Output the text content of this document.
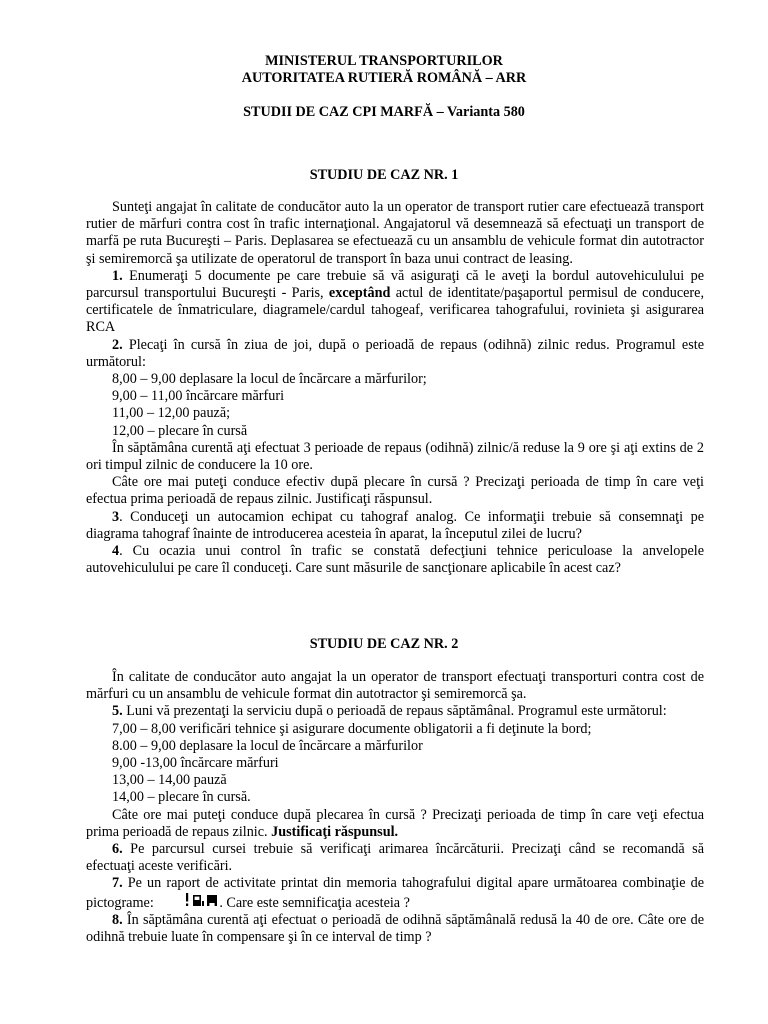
MINISTERUL TRANSPORTURILOR
AUTORITATEA RUTIERĂ ROMÂNĂ – ARR
STUDII DE CAZ CPI MARFĂ – Varianta 580
STUDIU DE CAZ NR. 1

Sunteţi angajat în calitate de conducător auto la un operator de transport rutier care efectuează transport rutier de mărfuri contra cost în trafic internaţional. Angajatorul vă desemnează să efectuaţi un transport de marfă pe ruta Bucureşti – Paris. Deplasarea se efectuează cu un ansamblu de vehicule format din autotractor şi semiremorcă şa utilizate de operatorul de transport în baza unui contract de leasing.

1. Enumeraţi 5 documente pe care trebuie să vă asiguraţi că le aveţi la bordul autovehiculului pe parcursul transportului Bucureşti - Paris, exceptând actul de identitate/paşaportul permisul de conducere, certificatele de înmatriculare, diagramele/cardul tahogeaf, verificarea tahografului, rovinieta şi asigurarea RCA

2. Plecaţi în cursă în ziua de joi, după o perioadă de repaus (odihnă) zilnic redus. Programul este următorul:

8,00 – 9,00 deplasare la locul de încărcare a mărfurilor;

9,00 – 11,00 încărcare mărfuri

11,00 – 12,00 pauză;

12,00 – plecare în cursă

În săptămâna curentă aţi efectuat 3 perioade de repaus (odihnă) zilnic/ă reduse la 9 ore şi aţi extins de 2 ori timpul zilnic de conducere la 10 ore.

Câte ore mai puteţi conduce efectiv după plecare în cursă ? Precizaţi perioada de timp în care veţi efectua prima perioadă de repaus zilnic. Justificaţi răspunsul.

3. Conduceţi un autocamion echipat cu tahograf analog. Ce informaţii trebuie să consemnaţi pe diagrama tahograf înainte de introducerea acesteia în aparat, la începutul zilei de lucru?

4. Cu ocazia unui control în trafic se constată defecţiuni tehnice periculoase la anvelopele autovehiculului pe care îl conduceţi. Care sunt măsurile de sancţionare aplicabile în acest caz?

STUDIU DE CAZ NR. 2

În calitate de conducător auto angajat la un operator de transport efectuaţi transporturi contra cost de mărfuri cu un ansamblu de vehicule format din autotractor şi semiremorcă şa.

5. Luni vă prezentaţi la serviciu după o perioadă de repaus săptămânal. Programul este următorul:

7,00 – 8,00 verificări tehnice şi asigurare documente obligatorii a fi deţinute la bord;

8.00 – 9,00 deplasare la locul de încărcare a mărfurilor

9,00 -13,00 încărcare mărfuri

13,00 – 14,00 pauză

14,00 – plecare în cursă.

Câte ore mai puteţi conduce după plecarea în cursă ? Precizaţi perioada de timp în care veţi efectua prima perioadă de repaus zilnic. Justificaţi răspunsul.

6. Pe parcursul cursei trebuie să verificaţi arimarea încărcăturii. Precizaţi când se recomandă să efectuaţi aceste verificări.

7. Pe un raport de activitate printat din memoria tahografului digital apare următoarea combinaţie de pictograme:	. Care este semnificaţia acesteia ?

8. În săptămâna curentă aţi efectuat o perioadă de odihnă săptămânală redusă la 40 de ore. Câte ore de odihnă trebuie luate în compensare şi în ce interval de timp ?
